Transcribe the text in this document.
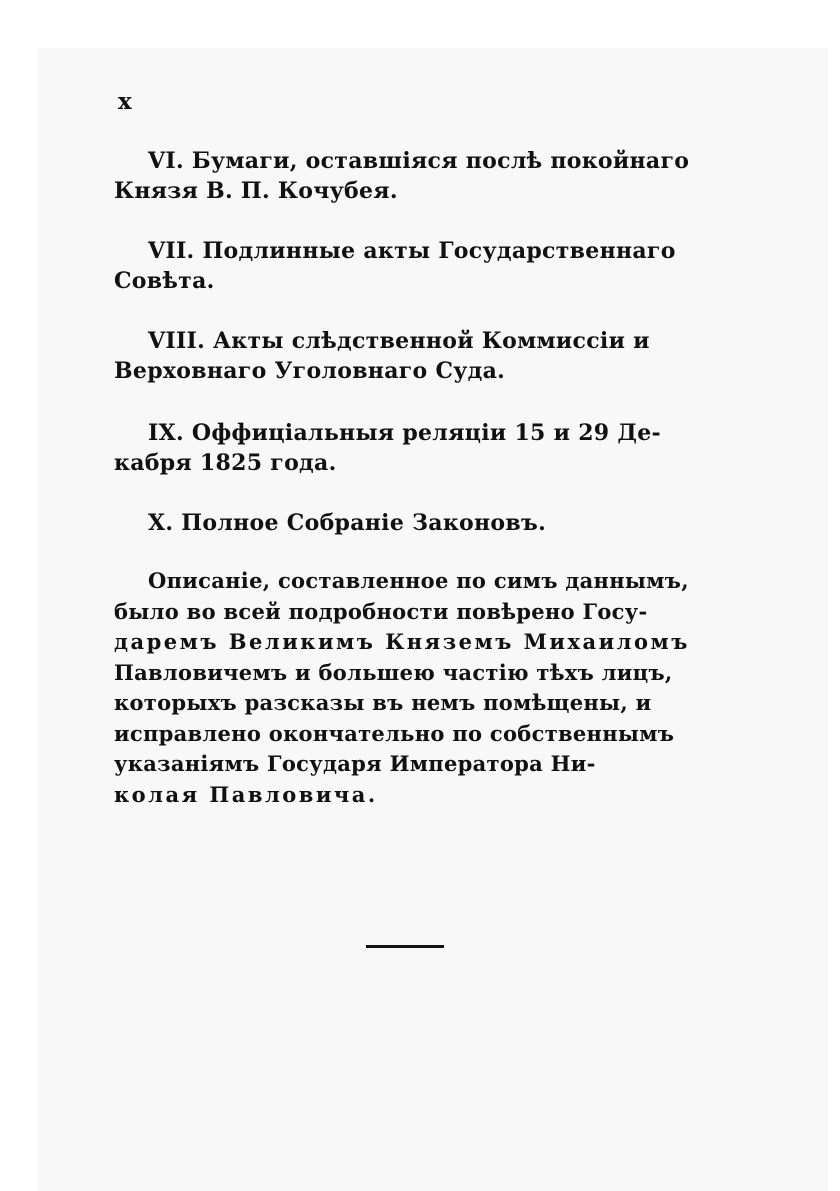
x
VI. Бумаги, оставшiяся послѣ покойнаго
Князя В. П. Кочубея.
VII. Подлинные акты Государственнаго
Совѣта.
VIII. Акты слѣдственной Коммиссiи и
Верховнаго Уголовнаго Суда.
IX. Оффицiальныя реляцiи 15 и 29 Де-
кабря 1825 года.
X. Полное Собранiе Законовъ.
Описанiе, составленное по симъ даннымъ,
было во всей подробности повѣрено Госу-
даремъ Великимъ Княземъ Михаиломъ
Павловичемъ и большею частiю тѣхъ лицъ,
которыхъ разсказы въ немъ помѣщены, и
исправлено окончательно по собственнымъ
указанiямъ Государя Императора Ни-
колая Павловича.
